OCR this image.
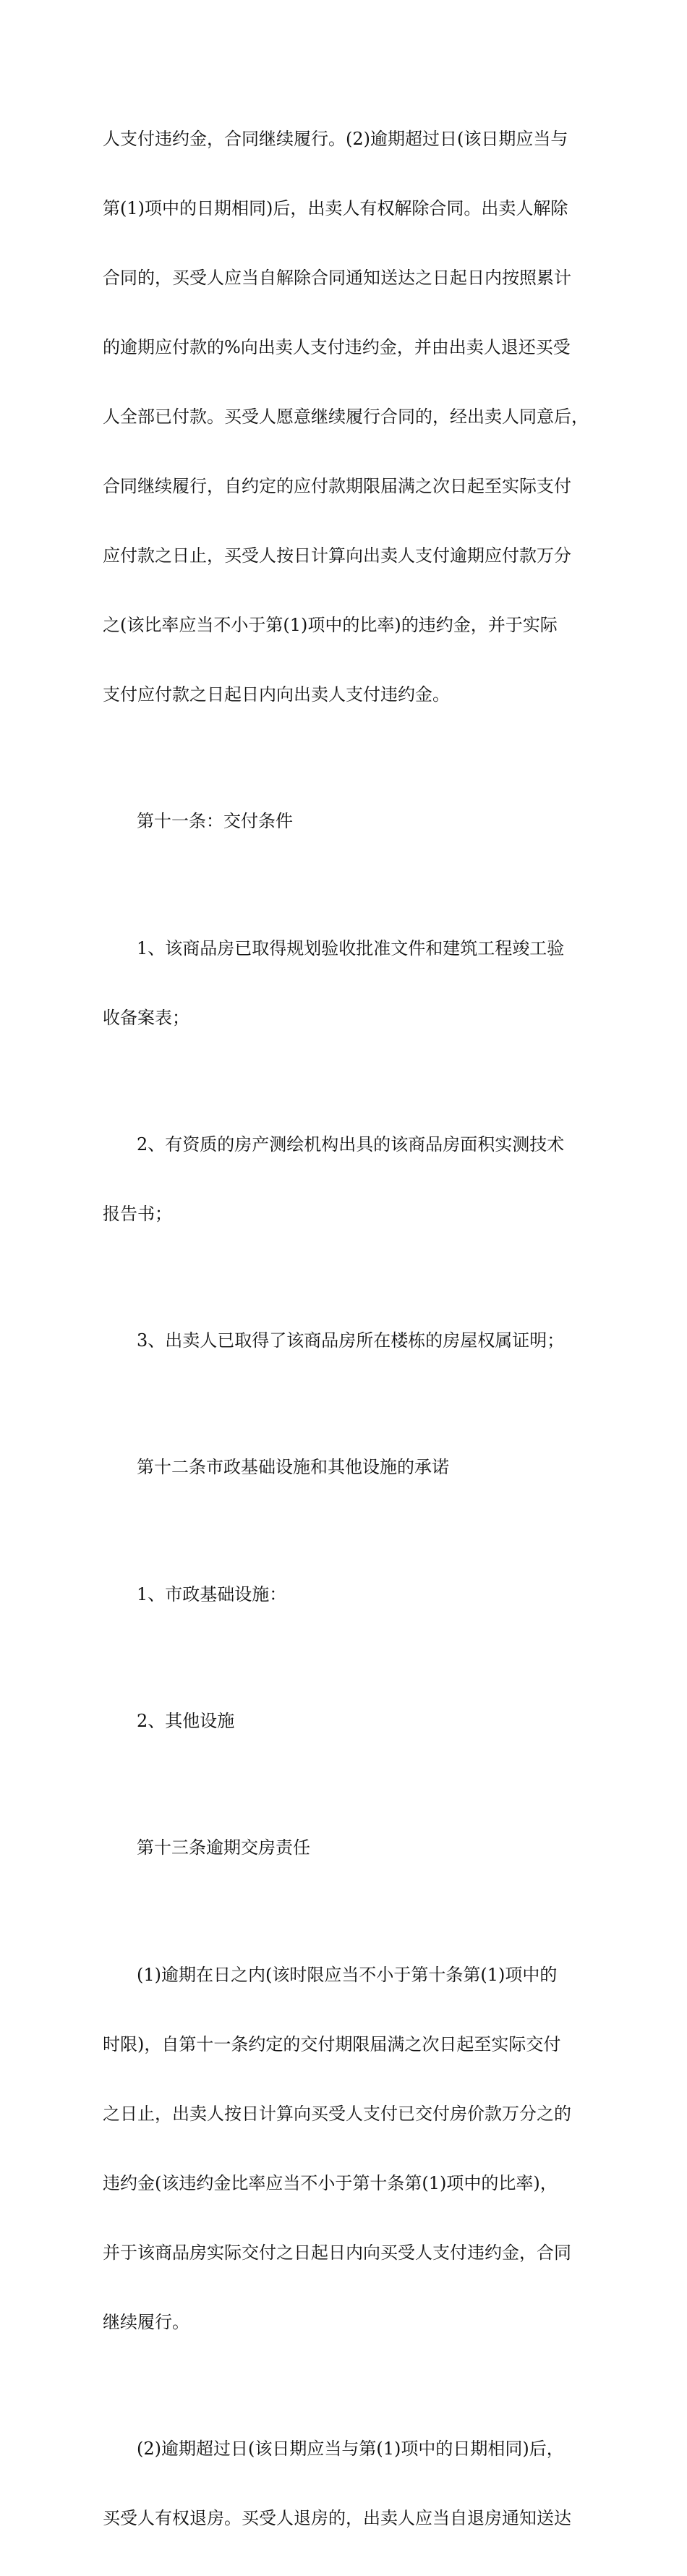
人支付违约金，合同继续履行。(2)逾期超过日(该日期应当与

第(1)项中的日期相同)后，出卖人有权解除合同。出卖人解除

合同的，买受人应当自解除合同通知送达之日起日内按照累计

的逾期应付款的%向出卖人支付违约金，并由出卖人退还买受

人全部已付款。买受人愿意继续履行合同的，经出卖人同意后，

合同继续履行，自约定的应付款期限届满之次日起至实际支付

应付款之日止，买受人按日计算向出卖人支付逾期应付款万分

之(该比率应当不小于第(1)项中的比率)的违约金，并于实际

支付应付款之日起日内向出卖人支付违约金。

第十一条：交付条件

1、该商品房已取得规划验收批准文件和建筑工程竣工验

收备案表；

2、有资质的房产测绘机构出具的该商品房面积实测技术

报告书；

3、出卖人已取得了该商品房所在楼栋的房屋权属证明；

第十二条市政基础设施和其他设施的承诺

1、市政基础设施：

2、其他设施

第十三条逾期交房责任

(1)逾期在日之内(该时限应当不小于第十条第(1)项中的

时限)，自第十一条约定的交付期限届满之次日起至实际交付

之日止，出卖人按日计算向买受人支付已交付房价款万分之的

违约金(该违约金比率应当不小于第十条第(1)项中的比率)，

并于该商品房实际交付之日起日内向买受人支付违约金，合同

继续履行。

(2)逾期超过日(该日期应当与第(1)项中的日期相同)后，

买受人有权退房。买受人退房的，出卖人应当自退房通知送达
